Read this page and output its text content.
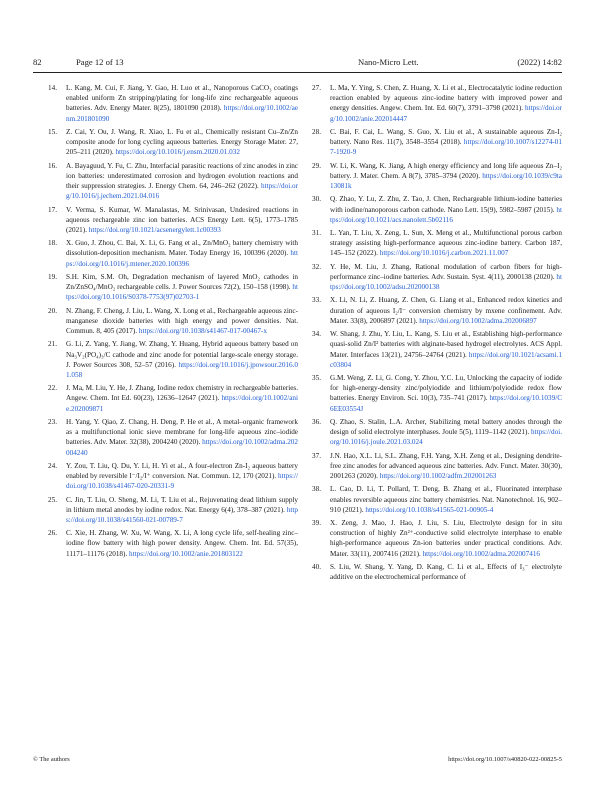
82	Page 12 of 13	Nano-Micro Lett.	(2022) 14:82
14.	L. Kang, M. Cui, F. Jiang, Y. Gao, H. Luo et al., Nanoporous CaCO₃ coatings enabled uniform Zn stripping/plating for long-life zinc rechargeable aqueous batteries. Adv. Energy Mater. 8(25), 1801090 (2018). https://doi.org/10.1002/aenm.201801090
15.	Z. Cai, Y. Ou, J. Wang, R. Xiao, L. Fu et al., Chemically resistant Cu–Zn/Zn composite anode for long cycling aqueous batteries. Energy Storage Mater. 27, 205–211 (2020). https://doi.org/10.1016/j.ensm.2020.01.032
16.	A. Bayaguud, Y. Fu, C. Zhu, Interfacial parasitic reactions of zinc anodes in zinc ion batteries: underestimated corrosion and hydrogen evolution reactions and their suppression strategies. J. Energy Chem. 64, 246–262 (2022). https://doi.org/10.1016/j.jechem.2021.04.016
17.	V. Verma, S. Kumar, W. Manalastas, M. Srinivasan, Undesired reactions in aqueous rechargeable zinc ion batteries. ACS Energy Lett. 6(5), 1773–1785 (2021). https://doi.org/10.1021/acsenergylett.1c00393
18.	X. Guo, J. Zhou, C. Bai, X. Li, G. Fang et al., Zn/MnO₂ battery chemistry with dissolution-deposition mechanism. Mater. Today Energy 16, 100396 (2020). https://doi.org/10.1016/j.mtener.2020.100396
19.	S.H. Kim, S.M. Oh, Degradation mechanism of layered MnO₂ cathodes in Zn/ZnSO₄/MnO₂ rechargeable cells. J. Power Sources 72(2), 150–158 (1998). https://doi.org/10.1016/S0378-7753(97)02703-1
20.	N. Zhang, F. Cheng, J. Liu, L. Wang, X. Long et al., Rechargeable aqueous zinc-manganese dioxide batteries with high energy and power densities. Nat. Commun. 8, 405 (2017). https://doi.org/10.1038/s41467-017-00467-x
21.	G. Li, Z. Yang, Y. Jiang, W. Zhang, Y. Huang, Hybrid aqueous battery based on Na₃V₂(PO₄)₃/C cathode and zinc anode for potential large-scale energy storage. J. Power Sources 308, 52–57 (2016). https://doi.org/10.1016/j.jpowsour.2016.01.058
22.	J. Ma, M. Liu, Y. He, J. Zhang, Iodine redox chemistry in rechargeable batteries. Angew. Chem. Int Ed. 60(23), 12636–12647 (2021). https://doi.org/10.1002/anie.202009871
23.	H. Yang, Y. Qiao, Z. Chang, H. Deng, P. He et al., A metal–organic framework as a multifunctional ionic sieve membrane for long-life aqueous zinc–iodide batteries. Adv. Mater. 32(38), 2004240 (2020). https://doi.org/10.1002/adma.202004240
24.	Y. Zou, T. Liu, Q. Du, Y. Li, H. Yi et al., A four-electron Zn-I₂ aqueous battery enabled by reversible I⁻/I₂/I⁺ conversion. Nat. Commun. 12, 170 (2021). https://doi.org/10.1038/s41467-020-20331-9
25.	C. Jin, T. Liu, O. Sheng, M. Li, T. Liu et al., Rejuvenating dead lithium supply in lithium metal anodes by iodine redox. Nat. Energy 6(4), 378–387 (2021). https://doi.org/10.1038/s41560-021-00789-7
26.	C. Xie, H. Zhang, W. Xu, W. Wang, X. Li, A long cycle life, self-healing zinc–iodine flow battery with high power density. Angew. Chem. Int. Ed. 57(35), 11171–11176 (2018). https://doi.org/10.1002/anie.201803122
27.	L. Ma, Y. Ying, S. Chen, Z. Huang, X. Li et al., Electrocatalytic iodine reduction reaction enabled by aqueous zinc-iodine battery with improved power and energy densities. Angew. Chem. Int. Ed. 60(7), 3791–3798 (2021). https://doi.org/10.1002/anie.202014447
28.	C. Bai, F. Cai, L. Wang, S. Guo, X. Liu et al., A sustainable aqueous Zn-I₂ battery. Nano Res. 11(7), 3548–3554 (2018). https://doi.org/10.1007/s12274-017-1920-9
29.	W. Li, K. Wang, K. Jiang, A high energy efficiency and long life aqueous Zn–I₂ battery. J. Mater. Chem. A 8(7), 3785–3794 (2020). https://doi.org/10.1039/c9ta13081k
30.	Q. Zhao, Y. Lu, Z. Zhu, Z. Tao, J. Chen, Rechargeable lithium-iodine batteries with iodine/nanoporous carbon cathode. Nano Lett. 15(9), 5982–5987 (2015). https://doi.org/10.1021/acs.nanolett.5b02116
31.	L. Yan, T. Liu, X. Zeng, L. Sun, X. Meng et al., Multifunctional porous carbon strategy assisting high-performance aqueous zinc-iodine battery. Carbon 187, 145–152 (2022). https://doi.org/10.1016/j.carbon.2021.11.007
32.	Y. He, M. Liu, J. Zhang, Rational modulation of carbon fibers for high-performance zinc–iodine batteries. Adv. Sustain. Syst. 4(11), 2000138 (2020). https://doi.org/10.1002/adsu.202000138
33.	X. Li, N. Li, Z. Huang, Z. Chen, G. Liang et al., Enhanced redox kinetics and duration of aqueous I₂/I⁻ conversion chemistry by mxene confinement. Adv. Mater. 33(8), 2006897 (2021). https://doi.org/10.1002/adma.202006897
34.	W. Shang, J. Zhu, Y. Liu, L. Kang, S. Liu et al., Establishing high-performance quasi-solid Zn/I² batteries with alginate-based hydrogel electrolytes. ACS Appl. Mater. Interfaces 13(21), 24756–24764 (2021). https://doi.org/10.1021/acsami.1c03804
35.	G.M. Weng, Z. Li, G. Cong, Y. Zhou, Y.C. Lu, Unlocking the capacity of iodide for high-energy-density zinc/polyiodide and lithium/polyiodide redox flow batteries. Energy Environ. Sci. 10(3), 735–741 (2017). https://doi.org/10.1039/C6EE03554J
36.	Q. Zhao, S. Stalin, L.A. Archer, Stabilizing metal battery anodes through the design of solid electrolyte interphases. Joule 5(5), 1119–1142 (2021). https://doi.org/10.1016/j.joule.2021.03.024
37.	J.N. Hao, X.L. Li, S.L. Zhang, F.H. Yang, X.H. Zeng et al., Designing dendrite-free zinc anodes for advanced aqueous zinc batteries. Adv. Funct. Mater. 30(30), 2001263 (2020). https://doi.org/10.1002/adfm.202001263
38.	L. Cao, D. Li, T. Pollard, T. Deng, B. Zhang et al., Fluorinated interphase enables reversible aqueous zinc battery chemistries. Nat. Nanotechnol. 16, 902–910 (2021). https://doi.org/10.1038/s41565-021-00905-4
39.	X. Zeng, J. Mao, J. Hao, J. Liu, S. Liu, Electrolyte design for in situ construction of highly Zn²⁺-conductive solid electrolyte interphase to enable high-performance aqueous Zn-ion batteries under practical conditions. Adv. Mater. 33(11), 2007416 (2021). https://doi.org/10.1002/adma.202007416
40.	S. Liu, W. Shang, Y. Yang, D. Kang, C. Li et al., Effects of I₃⁻ electrolyte additive on the electrochemical performance of
© The authors	https://doi.org/10.1007/s40820-022-00825-5
